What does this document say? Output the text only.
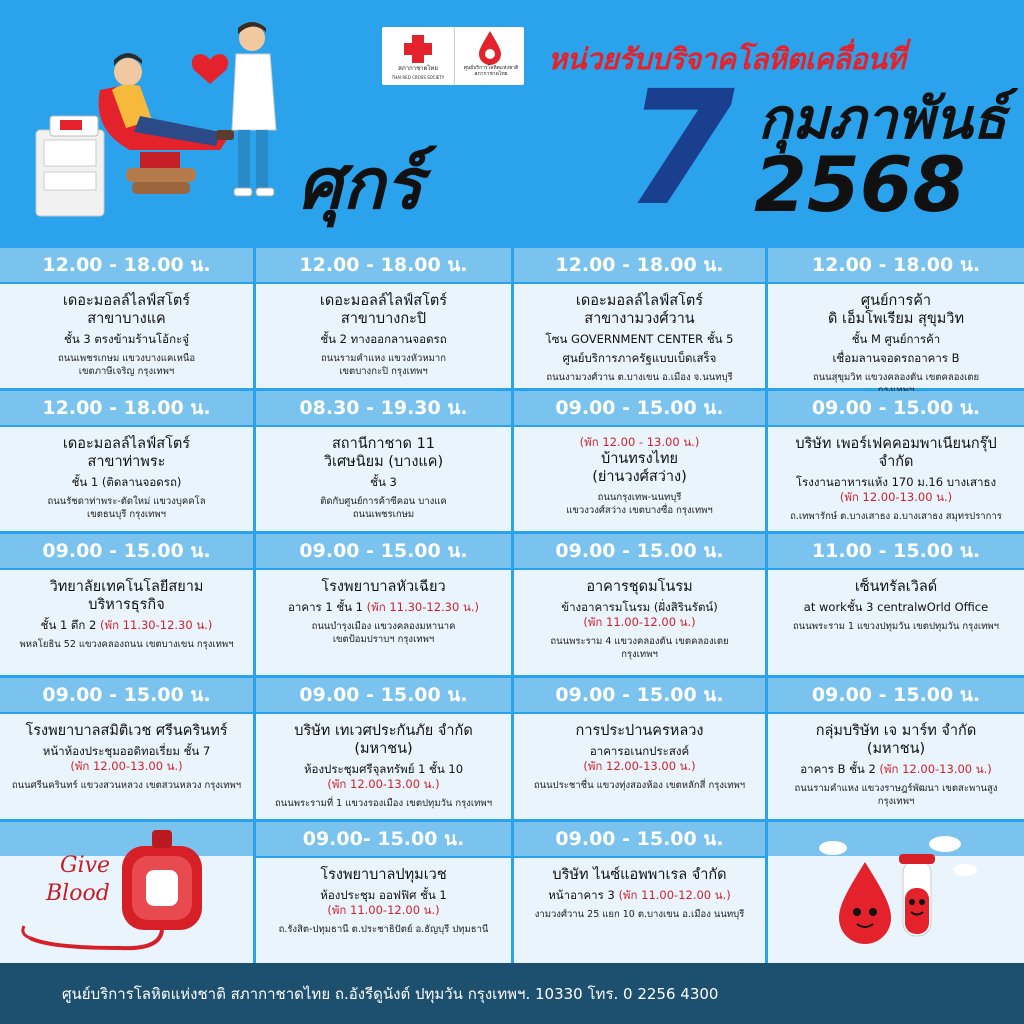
สภากาชาดไทย
THAI RED CROSS SOCIETY
ศูนย์บริการโลหิตแห่งชาติ สภากาชาดไทย	หน่วยรับบริจาคโลหิตเคลื่อนที่
ศุกร์ 7 กุมภาพันธ์
2568
12.00 - 18.00 น.
เดอะมอลล์ไลฟ์สโตร์
สาขาบางแค
ชั้น 3 ตรงข้ามร้านโอ้กะจู๋
ถนนเพชรเกษม แขวงบางแคเหนือ
เขตภาษีเจริญ กรุงเทพฯ
12.00 - 18.00 น.
เดอะมอลล์ไลฟ์สโตร์
สาขาบางกะปิ
ชั้น 2 ทางออกลานจอดรถ
ถนนรามคำแหง แขวงหัวหมาก
เขตบางกะปิ กรุงเทพฯ
12.00 - 18.00 น.
เดอะมอลล์ไลฟ์สโตร์
สาขางามวงศ์วาน
โซน GOVERNMENT CENTER ชั้น 5
ศูนย์บริการภาครัฐแบบเบ็ดเสร็จ
ถนนงามวงศ์วาน ต.บางเขน อ.เมือง จ.นนทบุรี
12.00 - 18.00 น.
ศูนย์การค้า
ดิ เอ็มโพเรียม สุขุมวิท
ชั้น M ศูนย์การค้า
เชื่อมลานจอดรถอาคาร B
ถนนสุขุมวิท แขวงคลองตัน เขตคลองเตย
12.00 - 18.00 น.
เดอะมอลล์ไลฟ์สโตร์
สาขาท่าพระ
ชั้น 1 (ติดลานจอดรถ)
ถนนรัชดาท่าพระ-ตัดใหม่ แขวงบุคคโล
เขตธนบุรี กรุงเทพฯ
08.30 - 19.30 น.
สถานีกาชาด 11
วิเศษนิยม (บางแค)
ชั้น 3
ติดกับศูนย์การค้าซีคอน บางแค
ถนนเพชรเกษม
09.00 - 15.00 น.
(พัก 12.00 - 13.00 น.)
บ้านทรงไทย
(ย่านวงศ์สว่าง)
ถนนกรุงเทพ-นนทบุรี
แขวงวงศ์สว่าง เขตบางซื่อ กรุงเทพฯ
09.00 - 15.00 น.
บริษัท เพอร์เฟคคอมพาเนียนกรุ๊ป
จำกัด
โรงงานอาหารแห้ง 170 ม.16 บางเสาธง
(พัก 12.00-13.00 น.)
ถ.เทพารักษ์ ต.บางเสาธง อ.บางเสาธง สมุทรปราการ
09.00 - 15.00 น.
วิทยาลัยเทคโนโลยีสยาม
บริหารธุรกิจ
ชั้น 1 ตึก 2 (พัก 11.30-12.30 น.)
พหลโยธิน 52 แขวงคลองถนน เขตบางเขน กรุงเทพฯ
09.00 - 15.00 น.
โรงพยาบาลหัวเฉียว
อาคาร 1 ชั้น 1 (พัก 11.30-12.30 น.)
ถนนบำรุงเมือง แขวงคลองมหานาค
เขตป้อมปราบฯ กรุงเทพฯ
09.00 - 15.00 น.
อาคารชุดมโนรม
ข้างอาคารมโนรม (ฝั่งสิรินรัตน์)
(พัก 11.00-12.00 น.)
ถนนพระราม 4 แขวงคลองตัน เขตคลองเตย
กรุงเทพฯ
11.00 - 15.00 น.
เซ็นทรัลเวิลด์
at workชั้น 3 centralwOrld Office
ถนนพระราม 1 แขวงปทุมวัน เขตปทุมวัน กรุงเทพฯ
09.00 - 15.00 น.
โรงพยาบาลสมิติเวช ศรีนครินทร์
หน้าห้องประชุมออดิทอเรี่ยม ชั้น 7
(พัก 12.00-13.00 น.)
ถนนศรีนครินทร์ แขวงสวนหลวง เขตสวนหลวง กรุงเทพฯ
09.00 - 15.00 น.
บริษัท เทเวศประกันภัย จำกัด
(มหาชน)
ห้องประชุมศรีจุลทรัพย์ 1 ชั้น 10
(พัก 12.00-13.00 น.)
ถนนพระรามที่ 1 แขวงรองเมือง เขตปทุมวัน กรุงเทพฯ
09.00 - 15.00 น.
การประปานครหลวง
อาคารอเนกประสงค์
(พัก 12.00-13.00 น.)
ถนนประชาชื่น แขวงทุ่งสองห้อง เขตหลักสี่ กรุงเทพฯ
09.00 - 15.00 น.
กลุ่มบริษัท เจ มาร์ท จำกัด
(มหาชน)
อาคาร B ชั้น 2 (พัก 12.00-13.00 น.)
ถนนรามคำแหง แขวงราษฎร์พัฒนา เขตสะพานสูง
กรุงเทพฯ
09.00- 15.00 น.
โรงพยาบาลปทุมเวช
ห้องประชุม ออฟฟิศ ชั้น 1
(พัก 11.00-12.00 น.)
ถ.รังสิต-ปทุมธานี ต.ประชาธิปัตย์ อ.ธัญบุรี ปทุมธานี
09.00 - 15.00 น.
บริษัท ไนซ์แอพพาเรล จำกัด
หน้าอาคาร 3 (พัก 11.00-12.00 น.)
งามวงศ์วาน 25 แยก 10 ต.บางเขน อ.เมือง นนทบุรี
Give
Blood
ศูนย์บริการโลหิตแห่งชาติ สภากาชาดไทย ถ.อังรีดูนังต์ ปทุมวัน กรุงเทพฯ. 10330 โทร. 0 2256 4300
